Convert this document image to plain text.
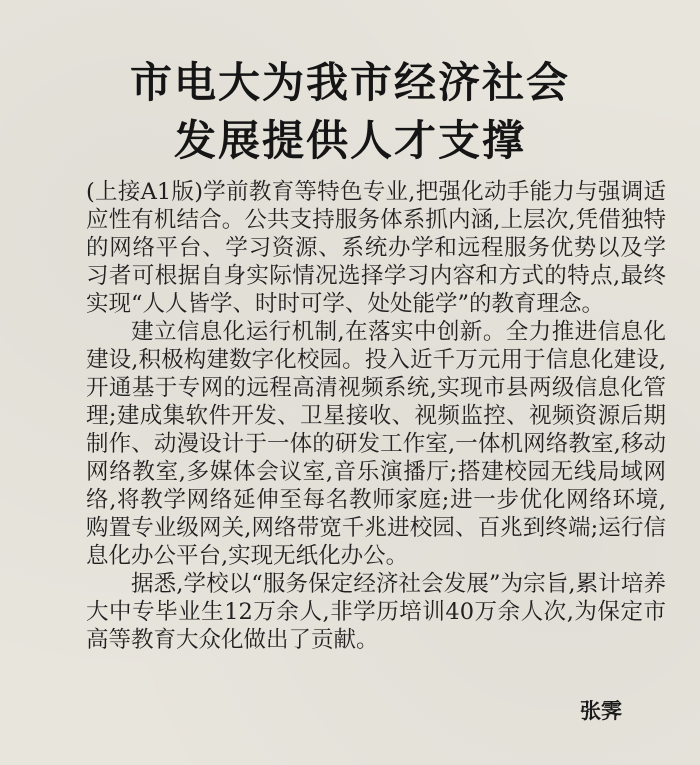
市电大为我市经济社会
发展提供人才支撑

(上接A1版)学前教育等特色专业,把强化动手能力与强调适应性有机结合。公共支持服务体系抓内涵,上层次,凭借独特的网络平台、学习资源、系统办学和远程服务优势以及学习者可根据自身实际情况选择学习内容和方式的特点,最终实现“人人皆学、时时可学、处处能学”的教育理念。

建立信息化运行机制,在落实中创新。全力推进信息化建设,积极构建数字化校园。投入近千万元用于信息化建设,开通基于专网的远程高清视频系统,实现市县两级信息化管理;建成集软件开发、卫星接收、视频监控、视频资源后期制作、动漫设计于一体的研发工作室,一体机网络教室,移动网络教室,多媒体会议室,音乐演播厅;搭建校园无线局域网络,将教学网络延伸至每名教师家庭;进一步优化网络环境,购置专业级网关,网络带宽千兆进校园、百兆到终端;运行信息化办公平台,实现无纸化办公。

据悉,学校以“服务保定经济社会发展”为宗旨,累计培养大中专毕业生12万余人,非学历培训40万余人次,为保定市高等教育大众化做出了贡献。

张霁
